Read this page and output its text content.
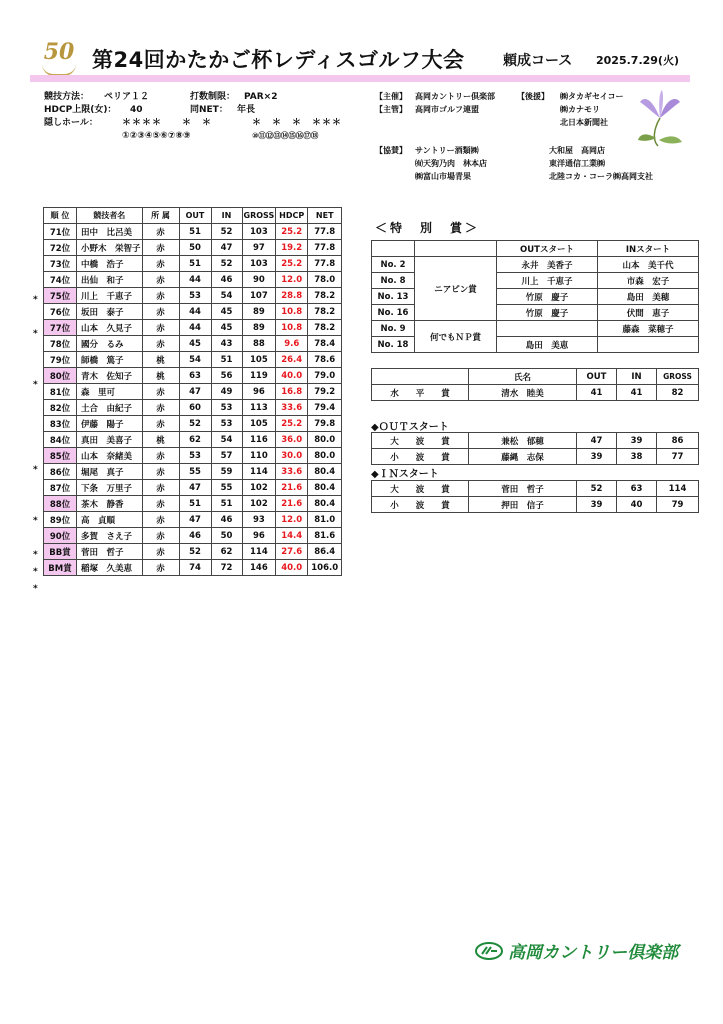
50 第24回かたかご杯レディスゴルフ大会	頼成コース 2025.7.29(火)
競技方法： ペリア１２	打数制限： PAR×2
HDCP上限(女)： 40	同NET： 年長
隠しホール：	＊＊＊＊　　＊　＊	＊　＊　＊　＊＊＊
①②③④⑤⑥⑦⑧⑨	⑩⑪⑫⑬⑭⑮⑯⑰⑱
【主催】 高岡カントリー倶楽部	【後援】 ㈱タカギセイコー
【主管】 高岡市ゴルフ連盟	㈱カナモリ
北日本新聞社
【協賛】 サントリー酒類㈱
㈲天狗乃肉　林本店
㈱富山市場青果
大和屋　高岡店
東洋通信工業㈱
北陸コカ・コーラ㈱高岡支社
順 位	競技者名	所 属	OUT	IN	GROSS	HDCP	NET
71位	田中　比呂美	赤	51	52	103	25.2	77.8
72位	小野木　栄智子	赤	50	47	97	19.2	77.8
73位	中橋　浩子	赤	51	52	103	25.2	77.8
74位	出仙　和子	赤	44	46	90	12.0	78.0
75位	川上　千恵子	赤	53	54	107	28.8	78.2
76位	坂田　泰子	赤	44	45	89	10.8	78.2
77位	山本　久見子	赤	44	45	89	10.8	78.2
78位	國分　るみ	赤	45	43	88	9.6	78.4
79位	師橋　篤子	桃	54	51	105	26.4	78.6
80位	青木　佐知子	桃	63	56	119	40.0	79.0
81位	森　里可	赤	47	49	96	16.8	79.2
82位	土合　由紀子	赤	60	53	113	33.6	79.4
83位	伊藤　陽子	赤	52	53	105	25.2	79.8
84位	真田　美喜子	桃	62	54	116	36.0	80.0
85位	山本　奈緒美	赤	53	57	110	30.0	80.0
86位	堀尾　真子	赤	55	59	114	33.6	80.4
87位	下条　万里子	赤	47	55	102	21.6	80.4
88位	茶木　静香	赤	51	51	102	21.6	80.4
89位	高　貞順	赤	47	46	93	12.0	81.0
90位	多賀　さえ子	赤	46	50	96	14.4	81.6
BB賞	菅田　哲子	赤	52	62	114	27.6	86.4
BM賞	稲塚　久美恵	赤	74	72	146	40.0	106.0
*
*
*
*
*
*
*
*
＜特　別　賞＞
		OUTスタート	INスタート
No. 2	ニアピン賞	永井　美香子	山本　美千代
No. 8		川上　千恵子	市森　宏子
No. 13		竹原　慶子	島田　美穂
No. 16		竹原　慶子	伏間　恵子
No. 9	何でもＮＰ賞		藤森　菜穂子
No. 18		島田　美恵	
	氏名	OUT	IN	GROSS
水　　平　　賞	清水　睦美	41	41	82
◆ＯＵＴスタート
大　　波　　賞	兼松　郁穂	47	39	86
小　　波　　賞	藤縄　志保	39	38	77
◆ＩＮスタート
大　　波　　賞	菅田　哲子	52	63	114
小　　波　　賞	押田　信子	39	40	79
高岡カントリー倶楽部
